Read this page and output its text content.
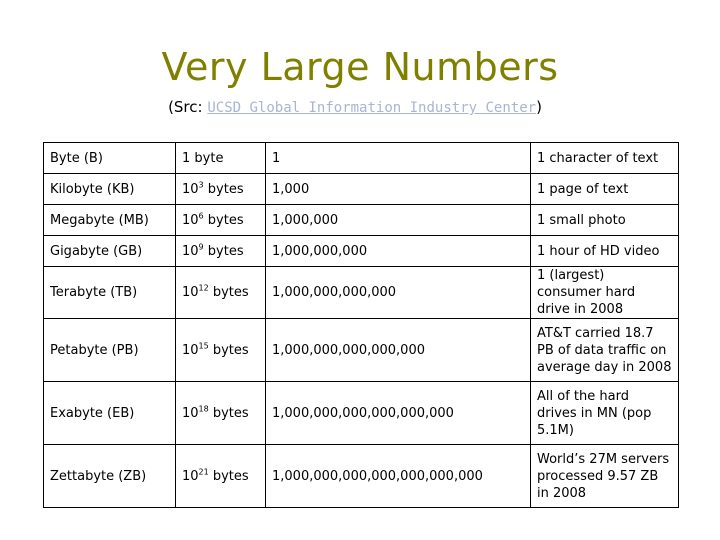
Very Large Numbers
(Src: UCSD Global Information Industry Center)
Byte (B)	1 byte	1	1 character of text
Kilobyte (KB)	$10^3$ bytes	1,000	1 page of text
Megabyte (MB)	$10^6$ bytes	1,000,000	1 small photo
Gigabyte (GB)	$10^9$ bytes	1,000,000,000	1 hour of HD video
Terabyte (TB)	$10^{12}$ bytes	1,000,000,000,000	1 (largest) consumer hard drive in 2008
Petabyte (PB)	$10^{15}$ bytes	1,000,000,000,000,000	AT&T carried 18.7 PB of data traffic on average day in 2008
Exabyte (EB)	$10^{18}$ bytes	1,000,000,000,000,000,000	All of the hard drives in MN (pop 5.1M)
Zettabyte (ZB)	$10^{21}$ bytes	1,000,000,000,000,000,000,000	World’s 27M servers processed 9.57 ZB in 2008
